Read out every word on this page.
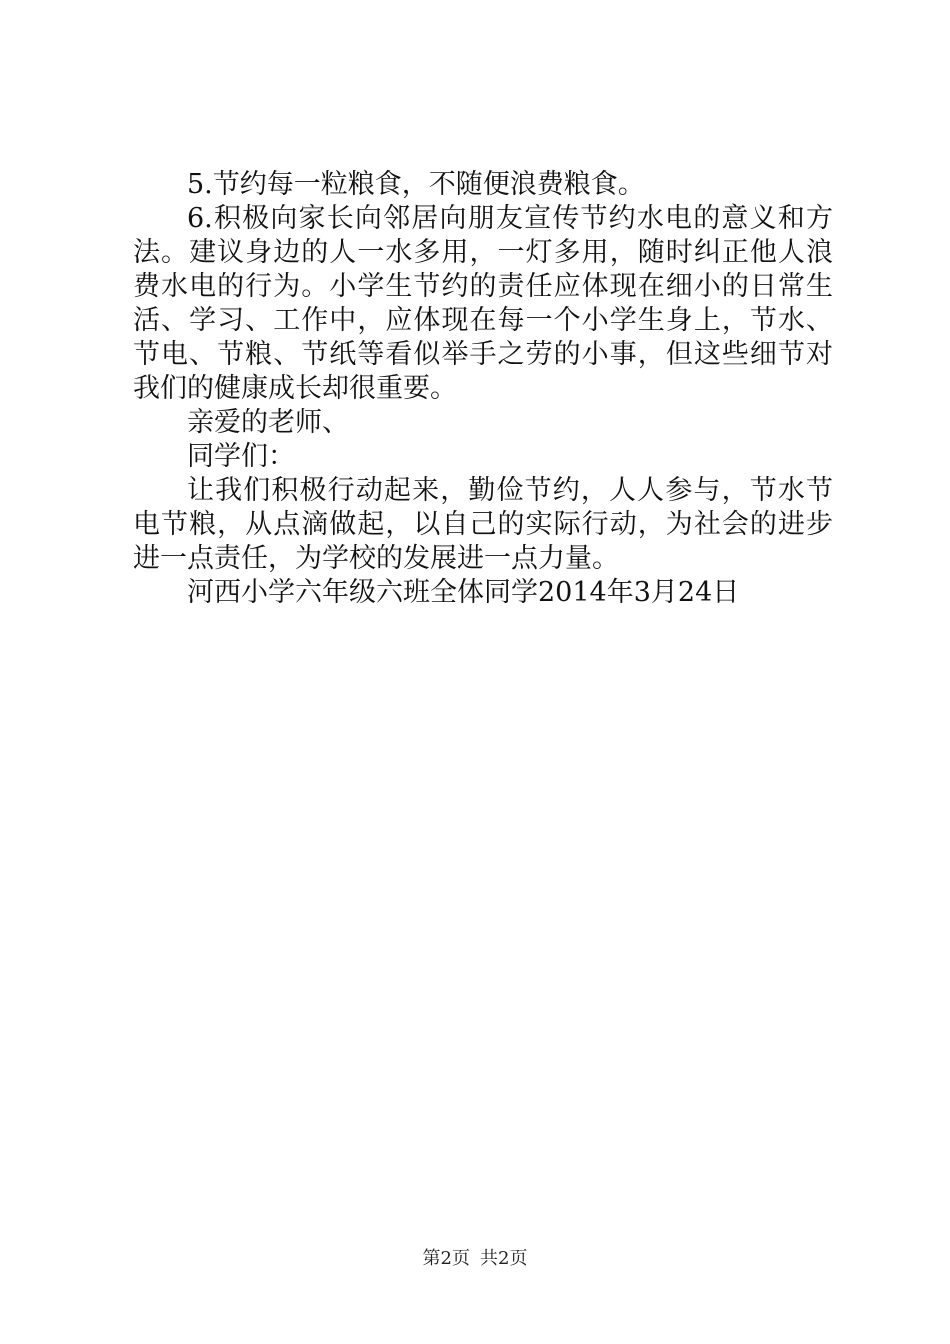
5.节约每一粒粮食，不随便浪费粮食。

6.积极向家长向邻居向朋友宣传节约水电的意义和方法。建议身边的人一水多用，一灯多用，随时纠正他人浪费水电的行为。小学生节约的责任应体现在细小的日常生活、学习、工作中，应体现在每一个小学生身上，节水、节电、节粮、节纸等看似举手之劳的小事，但这些细节对我们的健康成长却很重要。

亲爱的老师、

同学们：

让我们积极行动起来，勤俭节约，人人参与，节水节电节粮，从点滴做起，以自己的实际行动，为社会的进步进一点责任，为学校的发展进一点力量。

河西小学六年级六班全体同学2014年3月24日

第2页 共2页
